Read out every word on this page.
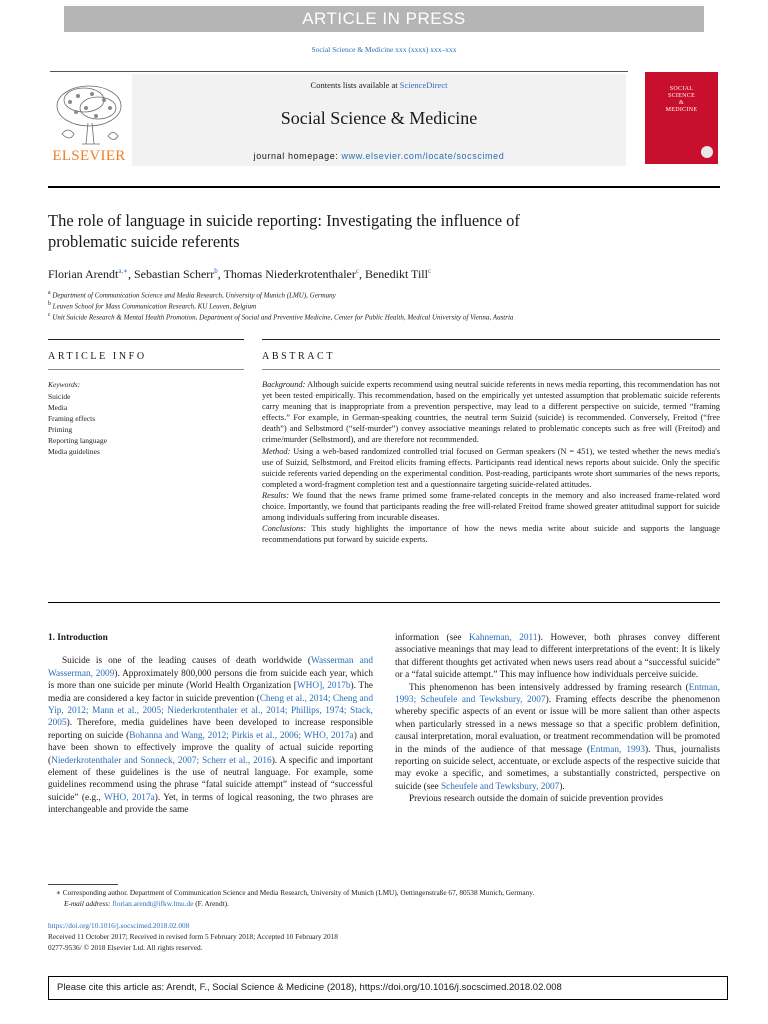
ARTICLE IN PRESS
Social Science & Medicine xxx (xxxx) xxx–xxx
ELSEVIER
Contents lists available at ScienceDirect
Social Science & Medicine
journal homepage: www.elsevier.com/locate/socscimed
SOCIAL
SCIENCE
&
MEDICINE
The role of language in suicide reporting: Investigating the influence of
problematic suicide referents
Florian Arendt$^{a,∗}$, Sebastian Scherr$^b$, Thomas Niederkrotenthaler$^c$, Benedikt Till$^c$
$^a$ Department of Communication Science and Media Research, University of Munich (LMU), Germany
$^b$ Leuven School for Mass Communication Research, KU Leuven, Belgium
$^c$ Unit Suicide Research & Mental Health Promotion, Department of Social and Preventive Medicine, Center for Public Health, Medical University of Vienna, Austria
ARTICLE INFO	ABSTRACT
Keywords:
Suicide
Media
Framing effects
Priming
Reporting language
Media guidelines

Background: Although suicide experts recommend using neutral suicide referents in news media reporting, this recommendation has not yet been tested empirically. This recommendation, based on the empirically yet untested assumption that problematic suicide referents carry meaning that is inappropriate from a prevention perspective, may lead to a different perspective on suicide, termed “framing effects.” For example, in German-speaking countries, the neutral term Suizid (suicide) is recommended. Conversely, Freitod (“free death”) and Selbstmord (“self-murder”) convey associative meanings related to problematic concepts such as free will (Freitod) and crime/murder (Selbstmord), and are therefore not recommended.

Method: Using a web-based randomized controlled trial focused on German speakers (N = 451), we tested whether the news media's use of Suizid, Selbstmord, and Freitod elicits framing effects. Participants read identical news reports about suicide. Only the specific suicide referents varied depending on the experimental condition. Post-reading, participants wrote short summaries of the news reports, completed a word-fragment completion test and a questionnaire targeting suicide-related attitudes.

Results: We found that the news frame primed some frame-related concepts in the memory and also increased frame-related word choice. Importantly, we found that participants reading the free will-related Freitod frame showed greater attitudinal support for suicide among individuals suffering from incurable diseases.

Conclusions: This study highlights the importance of how the news media write about suicide and supports the language recommendations put forward by suicide experts.

1. Introduction

Suicide is one of the leading causes of death worldwide (Wasserman and Wasserman, 2009). Approximately 800,000 persons die from suicide each year, which is more than one suicide per minute (World Health Organization [WHO], 2017b). The media are considered a key factor in suicide prevention (Cheng et al., 2014; Cheng and Yip, 2012; Mann et al., 2005; Niederkrotenthaler et al., 2014; Phillips, 1974; Stack, 2005). Therefore, media guidelines have been developed to increase responsible reporting on suicide (Bohanna and Wang, 2012; Pirkis et al., 2006; WHO, 2017a) and have been shown to effectively improve the quality of actual suicide reporting (Niederkrotenthaler and Sonneck, 2007; Scherr et al., 2016). A specific and important element of these guidelines is the use of neutral language. For example, some guidelines recommend using the phrase “fatal suicide attempt” instead of “successful suicide” (e.g., WHO, 2017a). Yet, in terms of logical reasoning, the two phrases are interchangeable and provide the same

information (see Kahneman, 2011). However, both phrases convey different associative meanings that may lead to different interpretations of the event: It is likely that different thoughts get activated when news users read about a “successful suicide” or a “fatal suicide attempt.” This may influence how individuals perceive suicide.

This phenomenon has been intensively addressed by framing research (Entman, 1993; Scheufele and Tewksbury, 2007). Framing effects describe the phenomenon whereby specific aspects of an event or issue will be more salient than other aspects when particularly stressed in a news message so that a specific problem definition, causal interpretation, moral evaluation, or treatment recommendation will be promoted in the minds of the audience of that message (Entman, 1993). Thus, journalists reporting on suicide select, accentuate, or exclude aspects of the respective suicide that may evoke a specific, and sometimes, a substantially constricted, perspective on suicide (see Scheufele and Tewksbury, 2007).

Previous research outside the domain of suicide prevention provides

∗ Corresponding author. Department of Communication Science and Media Research, University of Munich (LMU), Oettingenstraße 67, 80538 Munich, Germany.
E-mail address: florian.arendt@ifkw.lmu.de (F. Arendt).
https://doi.org/10.1016/j.socscimed.2018.02.008
Received 11 October 2017; Received in revised form 5 February 2018; Accepted 10 February 2018
0277-9536/ © 2018 Elsevier Ltd. All rights reserved.
Please cite this article as: Arendt, F., Social Science & Medicine (2018), https://doi.org/10.1016/j.socscimed.2018.02.008
